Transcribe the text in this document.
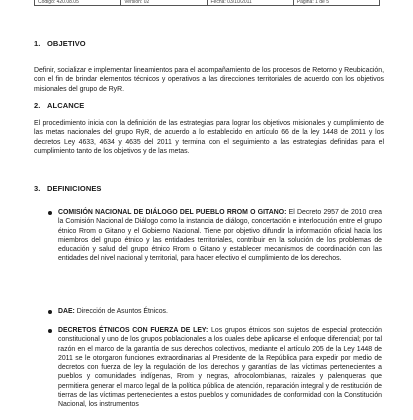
Código: 420.08.05	Versión: 02	Fecha: 03/10/2011	Página: 1 de 5
1. OBJETIVO

Definir, socializar e implementar lineamientos para el acompañamiento de los procesos de Retorno y Reubicación, con el fin de brindar elementos técnicos y operativos a las direcciones territoriales de acuerdo con los objetivos misionales del grupo de RyR.

2. ALCANCE

El procedimiento inicia con la definición de las estrategias para lograr los objetivos misionales y cumplimiento de las metas nacionales del grupo RyR, de acuerdo a lo establecido en artículo 66 de la ley 1448 de 2011 y los decretos Ley 4633, 4634 y 4635 del 2011 y termina con el seguimiento a las estrategias definidas para el cumplimiento tanto de los objetivos y de las metas.

3. DEFINICIONES
COMISIÓN NACIONAL DE DIÁLOGO DEL PUEBLO RROM O GITANO: El Decreto 2957 de 2010 crea la Comisión Nacional de Diálogo como la instancia de diálogo, concertación e interlocución entre el grupo étnico Rrom o Gitano y el Gobierno Nacional. Tiene por objetivo difundir la información oficial hacia los miembros del grupo étnico y las entidades territoriales, contribuir en la solución de los problemas de educación y salud del grupo étnico Rrom o Gitano y establecer mecanismos de coordinación con las entidades del nivel nacional y territorial, para hacer efectivo el cumplimiento de los derechos.
DAE: Dirección de Asuntos Étnicos.
DECRETOS ÉTNICOS CON FUERZA DE LEY: Los grupos étnicos son sujetos de especial protección constitucional y uno de los grupos poblacionales a los cuales debe aplicarse el enfoque diferencial; por tal razón en el marco de la garantía de sus derechos colectivos, mediante el artículo 205 de la Ley 1448 de 2011 se le otorgaron funciones extraordinarias al Presidente de la República para expedir por medio de decretos con fuerza de ley la regulación de los derechos y garantías de las víctimas pertenecientes a pueblos y comunidades indígenas, Rrom y negras, afrocolombianas, raizales y palenqueras que permitiera generar el marco legal de la política pública de atención, reparación integral y de restitución de tierras de las víctimas pertenecientes a estos pueblos y comunidades de conformidad con la Constitución Nacional, los instrumentos
